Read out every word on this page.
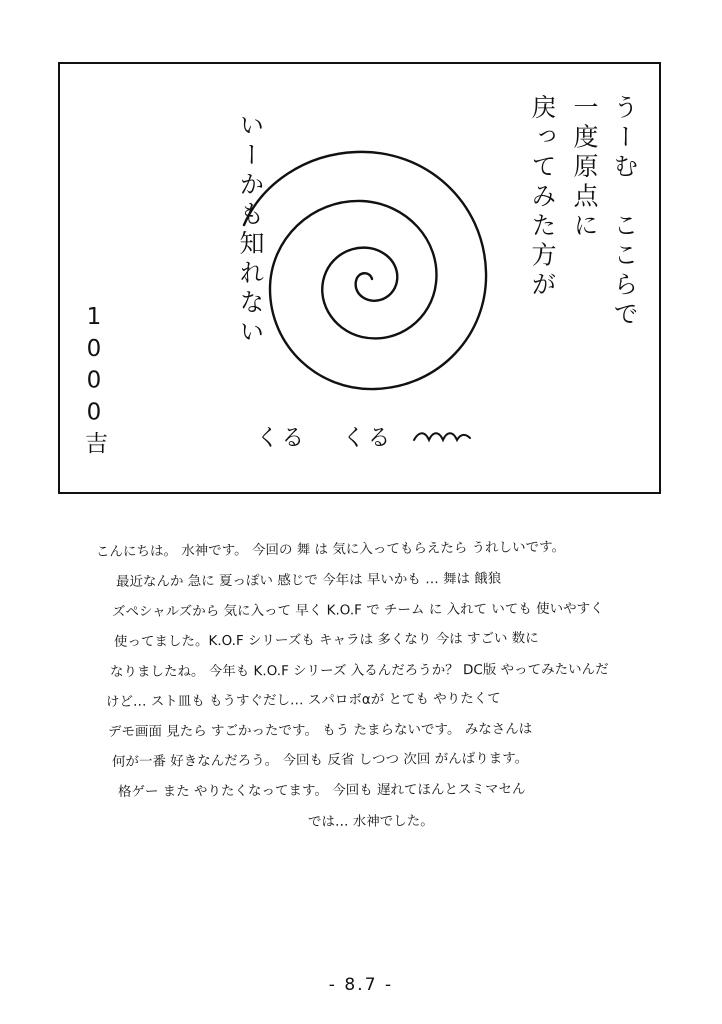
うーむ　ここらで
一度原点に
戻ってみた方が
いーかも知れない
1000吉	くる くる
こんにちは。 水神です。 今回の 舞 は 気に入ってもらえたら うれしいです。
最近なんか 急に 夏っぽい 感じで 今年は 早いかも … 舞は 餓狼
ズペシャルズから 気に入って 早く K.O.F で チーム に 入れて いても 使いやすく
使ってました。K.O.F シリーズも キャラは 多くなり 今は すごい 数に
なりましたね。 今年も K.O.F シリーズ 入るんだろうか？ DC版 やってみたいんだ
けど… スト皿も もうすぐだし… スパロボαが とても やりたくて
デモ画面 見たら すごかったです。 もう たまらないです。 みなさんは
何が一番 好きなんだろう。 今回も 反省 しつつ 次回 がんばります。
格ゲー また やりたくなってます。 今回も 遅れてほんとスミマセん
では… 水神でした。
- 8.7 -
